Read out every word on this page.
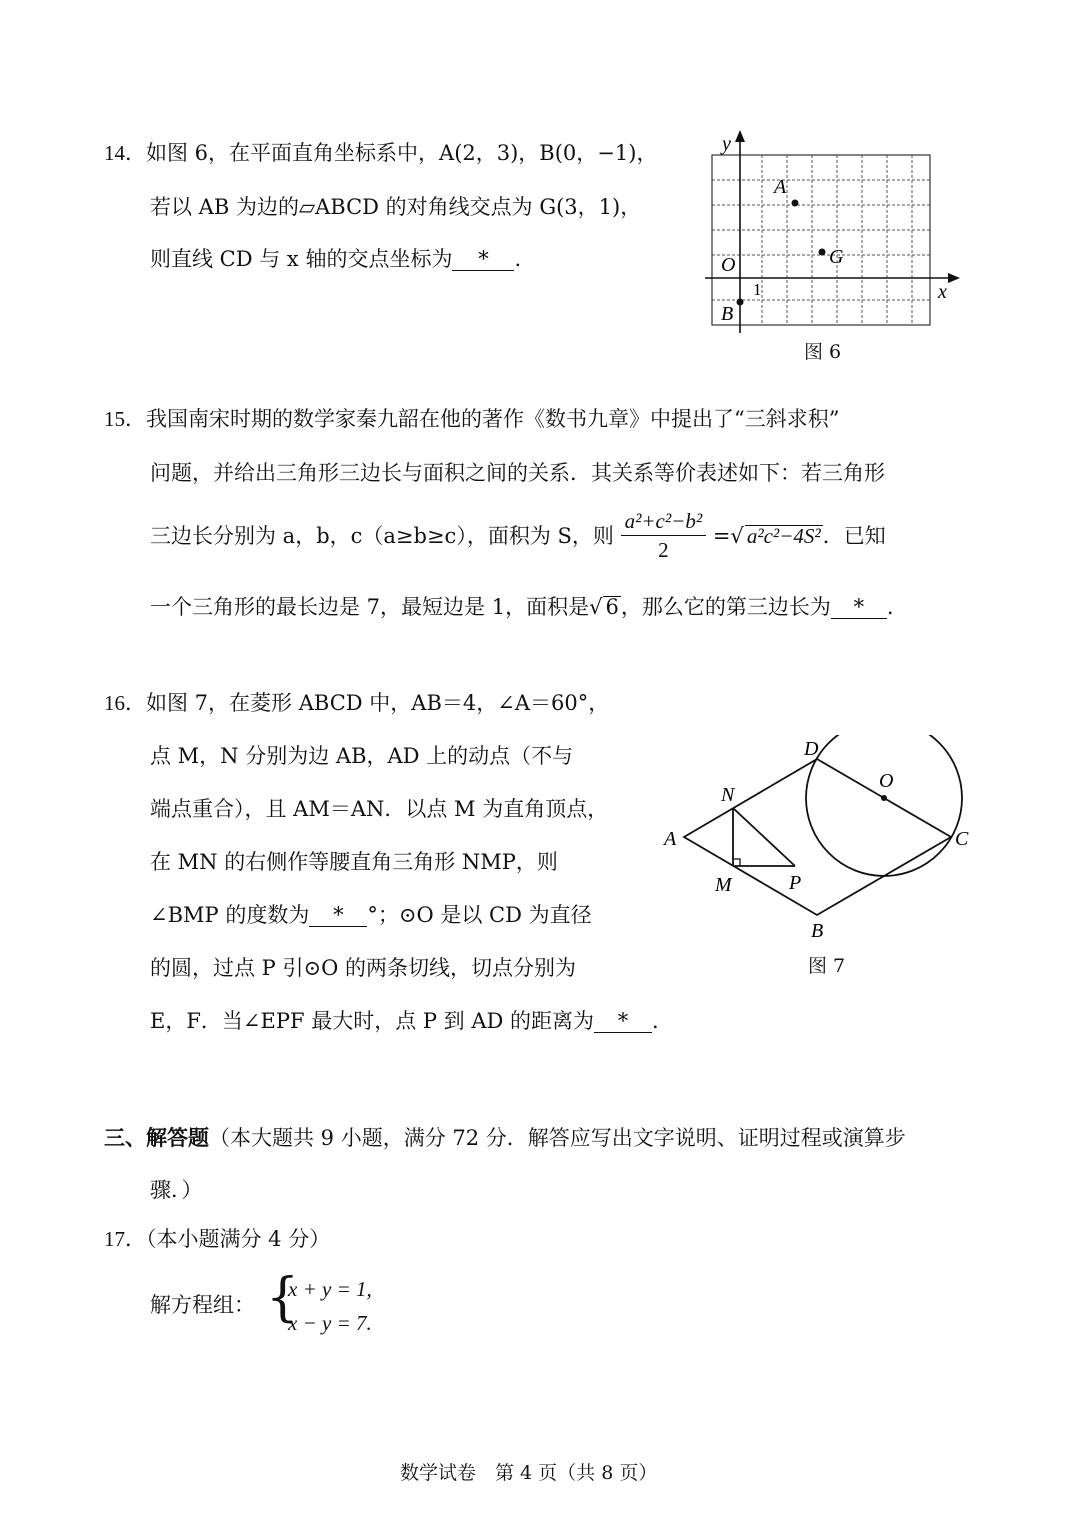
14．如图 6，在平面直角坐标系中，A(2，3)，B(0，−1)，
若以 AB 为边的▱ABCD 的对角线交点为 G(3，1)，
则直线 CD 与 x 轴的交点坐标为 * .
y
x
A
G
O
1
B
图 6
15．我国南宋时期的数学家秦九韶在他的著作《数书九章》中提出了“三斜求积”
问题，并给出三角形三边长与面积之间的关系．其关系等价表述如下：若三角形
三边长分别为 a，b，c（a≥b≥c），面积为 S，则 $\frac{\text{a²+c²−b²}}{2}$ =√ a²c²−4S²．已知
一个三角形的最长边是 7，最短边是 1，面积是√ 6，那么它的第三边长为 * .
16．如图 7，在菱形 ABCD 中，AB＝4，∠A＝60°，
点 M，N 分别为边 AB，AD 上的动点（不与
端点重合），且 AM＝AN．以点 M 为直角顶点，
在 MN 的右侧作等腰直角三角形 NMP，则
∠BMP 的度数为 * °；⊙O 是以 CD 为直径
的圆，过点 P 引⊙O 的两条切线，切点分别为
E，F．当∠EPF 最大时，点 P 到 AD 的距离为 * .
D
O
N
A	C
M	P
B
图 7
三、解答题（本大题共 9 小题，满分 72 分．解答应写出文字说明、证明过程或演算步
骤．）
17．（本小题满分 4 分）
解方程组： {
x + y = 1,
x − y = 7.
数学试卷　第 4 页（共 8 页）
